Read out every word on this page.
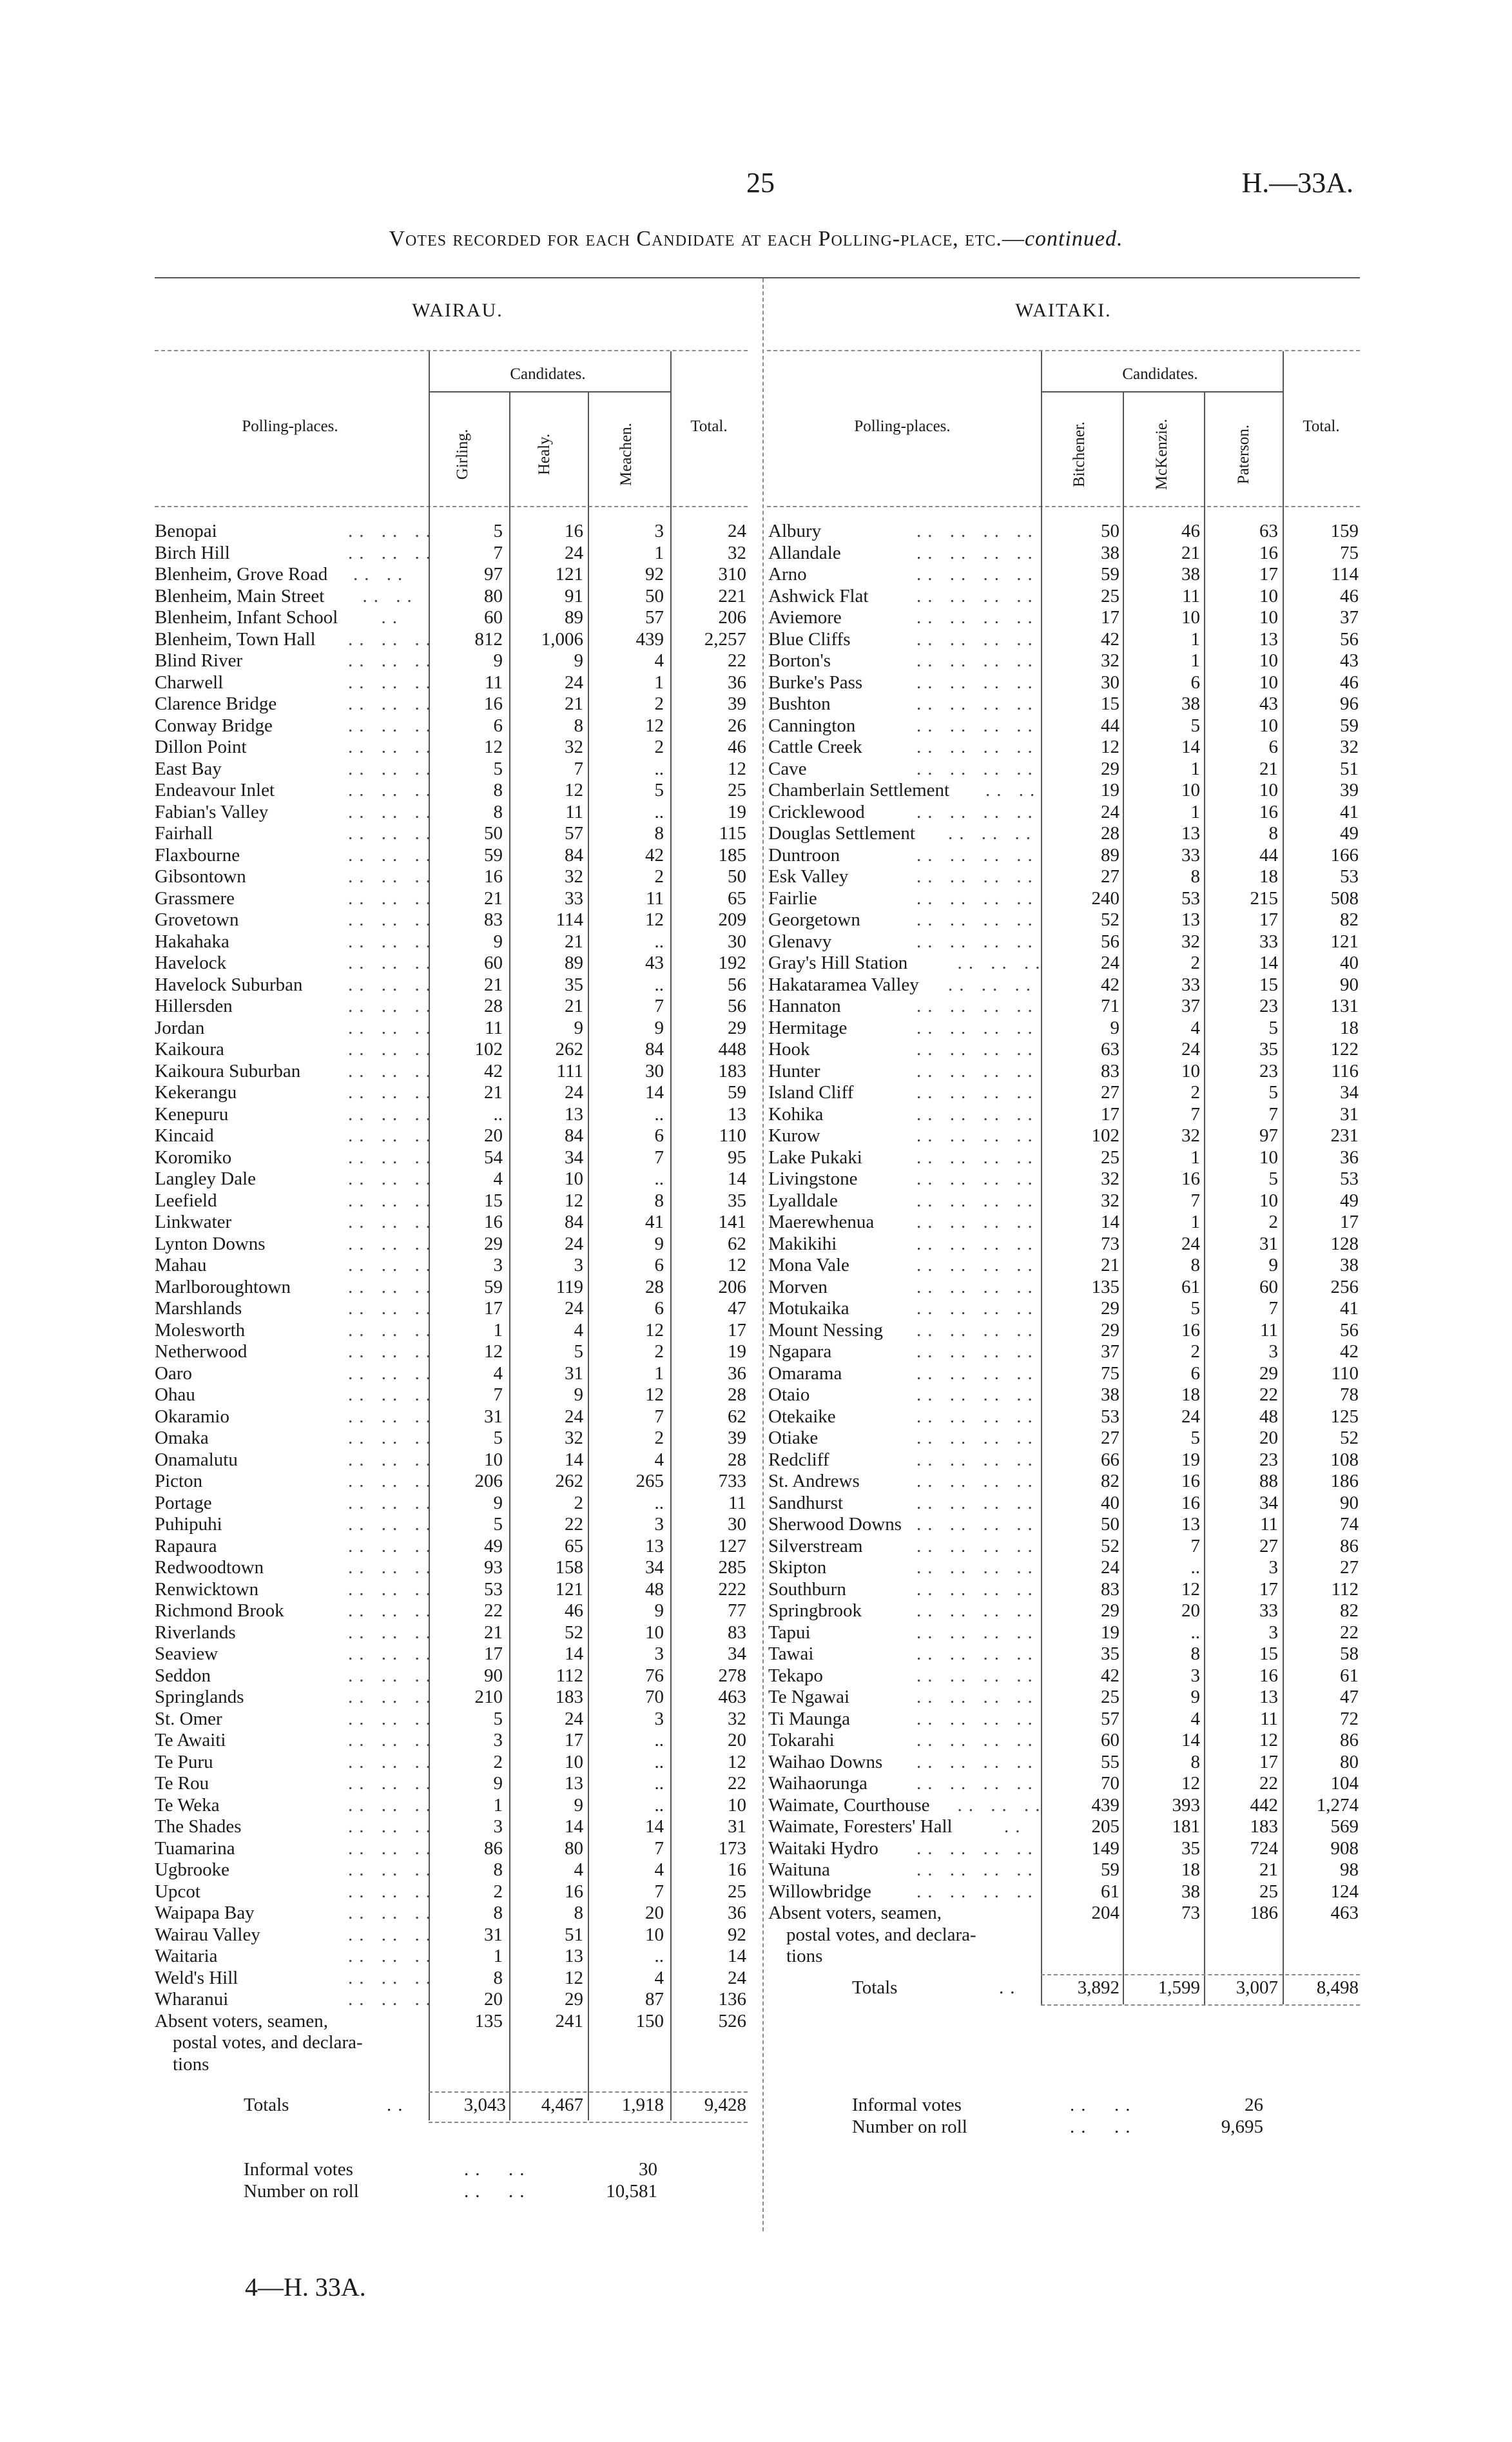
25	H.—33A.
Votes recorded for each Candidate at each Polling-place, etc.—continued.
WAIRAU.
Candidates.
Polling-places.	Total.
Girling.	Healy.	Meachen.
WAITAKI.
Candidates.
Polling-places.	Total.
Bitchener.	McKenzie.	Paterson.
Benopai	.. .. ..	5	16	3	24
Birch Hill	.. .. ..	7	24	1	32
Blenheim, Grove Road	.. ..	97	121	92	310
Blenheim, Main Street	.. ..	80	91	50	221
Blenheim, Infant School	..	60	89	57	206
Blenheim, Town Hall	.. .. ..	812	1,006	439	2,257
Blind River	.. .. ..	9	9	4	22
Charwell	.. .. ..	11	24	1	36
Clarence Bridge	.. .. ..	16	21	2	39
Conway Bridge	.. .. ..	6	8	12	26
Dillon Point	.. .. ..	12	32	2	46
East Bay	.. .. ..	5	7	..	12
Endeavour Inlet	.. .. ..	8	12	5	25
Fabian's Valley	.. .. ..	8	11	..	19
Fairhall	.. .. ..	50	57	8	115
Flaxbourne	.. .. ..	59	84	42	185
Gibsontown	.. .. ..	16	32	2	50
Grassmere	.. .. ..	21	33	11	65
Grovetown	.. .. ..	83	114	12	209
Hakahaka	.. .. ..	9	21	..	30
Havelock	.. .. ..	60	89	43	192
Havelock Suburban	.. .. ..	21	35	..	56
Hillersden	.. .. ..	28	21	7	56
Jordan	.. .. ..	11	9	9	29
Kaikoura	.. .. ..	102	262	84	448
Kaikoura Suburban	.. .. ..	42	111	30	183
Kekerangu	.. .. ..	21	24	14	59
Kenepuru	.. .. ..	..	13	..	13
Kincaid	.. .. ..	20	84	6	110
Koromiko	.. .. ..	54	34	7	95
Langley Dale	.. .. ..	4	10	..	14
Leefield	.. .. ..	15	12	8	35
Linkwater	.. .. ..	16	84	41	141
Lynton Downs	.. .. ..	29	24	9	62
Mahau	.. .. ..	3	3	6	12
Marlboroughtown	.. .. ..	59	119	28	206
Marshlands	.. .. ..	17	24	6	47
Molesworth	.. .. ..	1	4	12	17
Netherwood	.. .. ..	12	5	2	19
Oaro	.. .. ..	4	31	1	36
Ohau	.. .. ..	7	9	12	28
Okaramio	.. .. ..	31	24	7	62
Omaka	.. .. ..	5	32	2	39
Onamalutu	.. .. ..	10	14	4	28
Picton	.. .. ..	206	262	265	733
Portage	.. .. ..	9	2	..	11
Puhipuhi	.. .. ..	5	22	3	30
Rapaura	.. .. ..	49	65	13	127
Redwoodtown	.. .. ..	93	158	34	285
Renwicktown	.. .. ..	53	121	48	222
Richmond Brook	.. .. ..	22	46	9	77
Riverlands	.. .. ..	21	52	10	83
Seaview	.. .. ..	17	14	3	34
Seddon	.. .. ..	90	112	76	278
Springlands	.. .. ..	210	183	70	463
St. Omer	.. .. ..	5	24	3	32
Te Awaiti	.. .. ..	3	17	..	20
Te Puru	.. .. ..	2	10	..	12
Te Rou	.. .. ..	9	13	..	22
Te Weka	.. .. ..	1	9	..	10
The Shades	.. .. ..	3	14	14	31
Tuamarina	.. .. ..	86	80	7	173
Ugbrooke	.. .. ..	8	4	4	16
Upcot	.. .. ..	2	16	7	25
Waipapa Bay	.. .. ..	8	8	20	36
Wairau Valley	.. .. ..	31	51	10	92
Waitaria	.. .. ..	1	13	..	14
Weld's Hill	.. .. ..	8	12	4	24
Wharanui	.. .. ..	20	29	87	136
Absent voters, seamen,
postal votes, and declara-
tions
135	241	150	526
Albury	.. .. .. ..	50	46	63	159
Allandale	.. .. .. ..	38	21	16	75
Arno	.. .. .. ..	59	38	17	114
Ashwick Flat	.. .. .. ..	25	11	10	46
Aviemore	.. .. .. ..	17	10	10	37
Blue Cliffs	.. .. .. ..	42	1	13	56
Borton's	.. .. .. ..	32	1	10	43
Burke's Pass	.. .. .. ..	30	6	10	46
Bushton	.. .. .. ..	15	38	43	96
Cannington	.. .. .. ..	44	5	10	59
Cattle Creek	.. .. .. ..	12	14	6	32
Cave	.. .. .. ..	29	1	21	51
Chamberlain Settlement	.. ..	19	10	10	39
Cricklewood	.. .. .. ..	24	1	16	41
Douglas Settlement	.. .. ..	28	13	8	49
Duntroon	.. .. .. ..	89	33	44	166
Esk Valley	.. .. .. ..	27	8	18	53
Fairlie	.. .. .. ..	240	53	215	508
Georgetown	.. .. .. ..	52	13	17	82
Glenavy	.. .. .. ..	56	32	33	121
Gray's Hill Station	.. .. ..	24	2	14	40
Hakataramea Valley	.. .. ..	42	33	15	90
Hannaton	.. .. .. ..	71	37	23	131
Hermitage	.. .. .. ..	9	4	5	18
Hook	.. .. .. ..	63	24	35	122
Hunter	.. .. .. ..	83	10	23	116
Island Cliff	.. .. .. ..	27	2	5	34
Kohika	.. .. .. ..	17	7	7	31
Kurow	.. .. .. ..	102	32	97	231
Lake Pukaki	.. .. .. ..	25	1	10	36
Livingstone	.. .. .. ..	32	16	5	53
Lyalldale	.. .. .. ..	32	7	10	49
Maerewhenua	.. .. .. ..	14	1	2	17
Makikihi	.. .. .. ..	73	24	31	128
Mona Vale	.. .. .. ..	21	8	9	38
Morven	.. .. .. ..	135	61	60	256
Motukaika	.. .. .. ..	29	5	7	41
Mount Nessing	.. .. .. ..	29	16	11	56
Ngapara	.. .. .. ..	37	2	3	42
Omarama	.. .. .. ..	75	6	29	110
Otaio	.. .. .. ..	38	18	22	78
Otekaike	.. .. .. ..	53	24	48	125
Otiake	.. .. .. ..	27	5	20	52
Redcliff	.. .. .. ..	66	19	23	108
St. Andrews	.. .. .. ..	82	16	88	186
Sandhurst	.. .. .. ..	40	16	34	90
Sherwood Downs .. .. .. ..	50	13	11	74
Silverstream	.. .. .. ..	52	7	27	86
Skipton	.. .. .. ..	24	..	3	27
Southburn	.. .. .. ..	83	12	17	112
Springbrook	.. .. .. ..	29	20	33	82
Tapui	.. .. .. ..	19	..	3	22
Tawai	.. .. .. ..	35	8	15	58
Tekapo	.. .. .. ..	42	3	16	61
Te Ngawai	.. .. .. ..	25	9	13	47
Ti Maunga	.. .. .. ..	57	4	11	72
Tokarahi	.. .. .. ..	60	14	12	86
Waihao Downs	.. .. .. ..	55	8	17	80
Waihaorunga	.. .. .. ..	70	12	22	104
Waimate, Courthouse	.. .. ..	439	393	442	1,274
Waimate, Foresters' Hall	..	205	181	183	569
Waitaki Hydro	.. .. .. ..	149	35	724	908
Waituna	.. .. .. ..	59	18	21	98
Willowbridge	.. .. .. ..	61	38	25	124
Absent voters, seamen,
postal votes, and declara-
tions
204	73	186	463
Totals	..	3,043	4,467	1,918	9,428
Informal votes	..  ..	30
Number on roll	..  ..	10,581
Totals	..	3,892	1,599	3,007	8,498
Informal votes	..  ..	26
Number on roll	..  ..	9,695
4—H. 33A.
